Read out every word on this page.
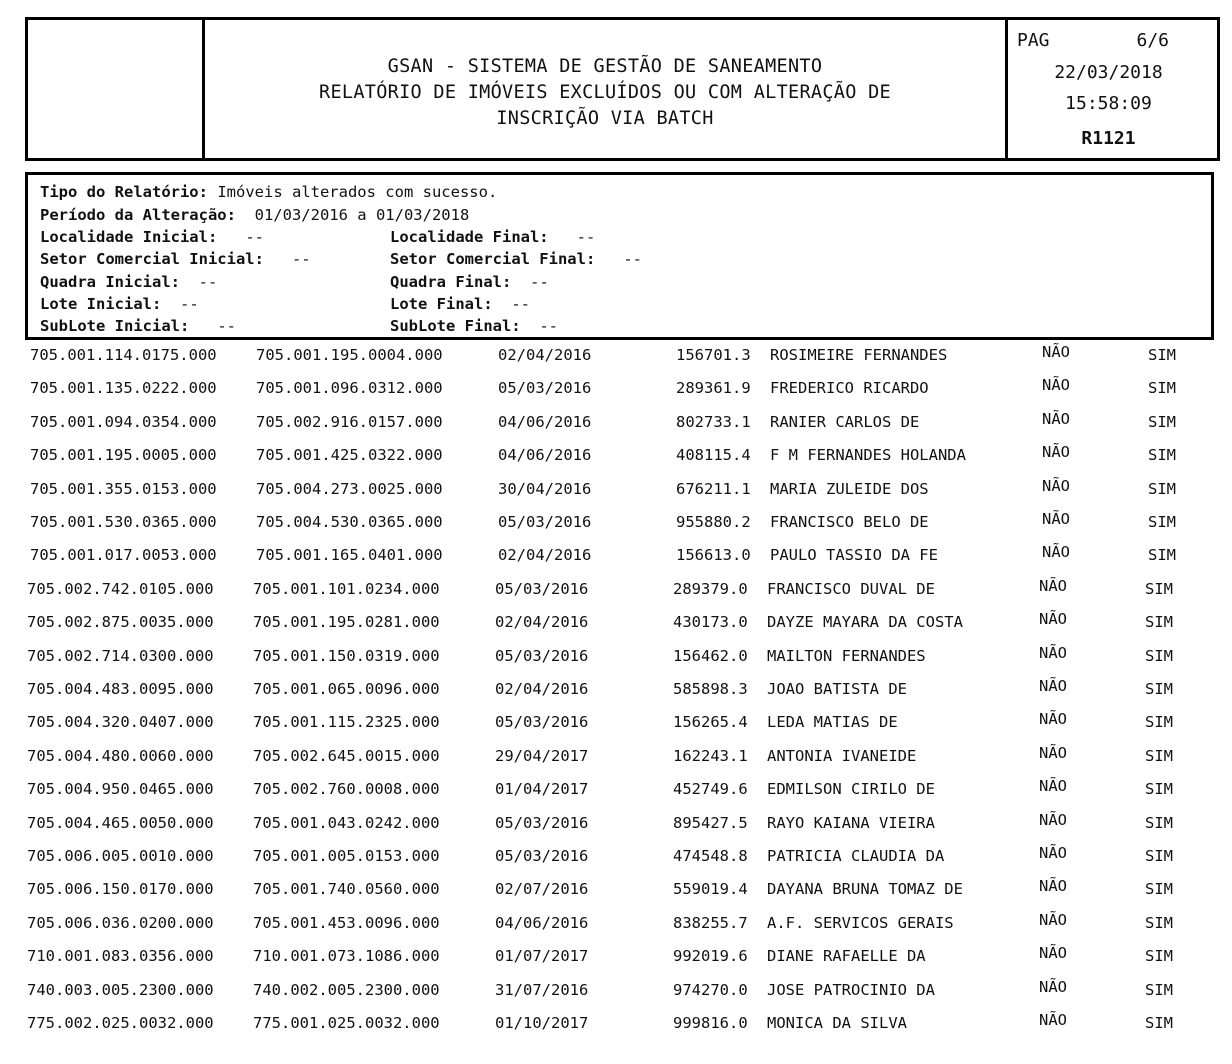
GSAN - SISTEMA DE GESTÃO DE SANEAMENTO
RELATÓRIO DE IMÓVEIS EXCLUÍDOS OU COM ALTERAÇÃO DE
INSCRIÇÃO VIA BATCH
PAG	6/6
22/03/2018
15:58:09
R1121
Tipo do Relatório: Imóveis alterados com sucesso.
Período da Alteração: 01/03/2016 a 01/03/2018
Localidade Inicial: --	Localidade Final: --
Setor Comercial Inicial: --	Setor Comercial Final: --
Quadra Inicial: --	Quadra Final: --
Lote Inicial: --	Lote Final: --
SubLote Inicial: --	SubLote Final: --
705.001.114.0175.000	705.001.195.0004.000	02/04/2016	156701.3 ROSIMEIRE FERNANDES	NÃO	SIM
705.001.135.0222.000	705.001.096.0312.000	05/03/2016	289361.9 FREDERICO RICARDO	NÃO	SIM
705.001.094.0354.000	705.002.916.0157.000	04/06/2016	802733.1 RANIER CARLOS DE	NÃO	SIM
705.001.195.0005.000	705.001.425.0322.000	04/06/2016	408115.4 F M FERNANDES HOLANDA	NÃO	SIM
705.001.355.0153.000	705.004.273.0025.000	30/04/2016	676211.1 MARIA ZULEIDE DOS	NÃO	SIM
705.001.530.0365.000	705.004.530.0365.000	05/03/2016	955880.2 FRANCISCO BELO DE	NÃO	SIM
705.001.017.0053.000	705.001.165.0401.000	02/04/2016	156613.0 PAULO TASSIO DA FE	NÃO	SIM
705.002.742.0105.000	705.001.101.0234.000	05/03/2016	289379.0 FRANCISCO DUVAL DE	NÃO	SIM
705.002.875.0035.000	705.001.195.0281.000	02/04/2016	430173.0 DAYZE MAYARA DA COSTA	NÃO	SIM
705.002.714.0300.000	705.001.150.0319.000	05/03/2016	156462.0 MAILTON FERNANDES	NÃO	SIM
705.004.483.0095.000	705.001.065.0096.000	02/04/2016	585898.3 JOAO BATISTA DE	NÃO	SIM
705.004.320.0407.000	705.001.115.2325.000	05/03/2016	156265.4 LEDA MATIAS DE	NÃO	SIM
705.004.480.0060.000	705.002.645.0015.000	29/04/2017	162243.1 ANTONIA IVANEIDE	NÃO	SIM
705.004.950.0465.000	705.002.760.0008.000	01/04/2017	452749.6 EDMILSON CIRILO DE	NÃO	SIM
705.004.465.0050.000	705.001.043.0242.000	05/03/2016	895427.5 RAYO KAIANA VIEIRA	NÃO	SIM
705.006.005.0010.000	705.001.005.0153.000	05/03/2016	474548.8 PATRICIA CLAUDIA DA	NÃO	SIM
705.006.150.0170.000	705.001.740.0560.000	02/07/2016	559019.4 DAYANA BRUNA TOMAZ DE	NÃO	SIM
705.006.036.0200.000	705.001.453.0096.000	04/06/2016	838255.7 A.F. SERVICOS GERAIS	NÃO	SIM
710.001.083.0356.000	710.001.073.1086.000	01/07/2017	992019.6 DIANE RAFAELLE DA	NÃO	SIM
740.003.005.2300.000	740.002.005.2300.000	31/07/2016	974270.0 JOSE PATROCINIO DA	NÃO	SIM
775.002.025.0032.000	775.001.025.0032.000	01/10/2017	999816.0 MONICA DA SILVA	NÃO	SIM
